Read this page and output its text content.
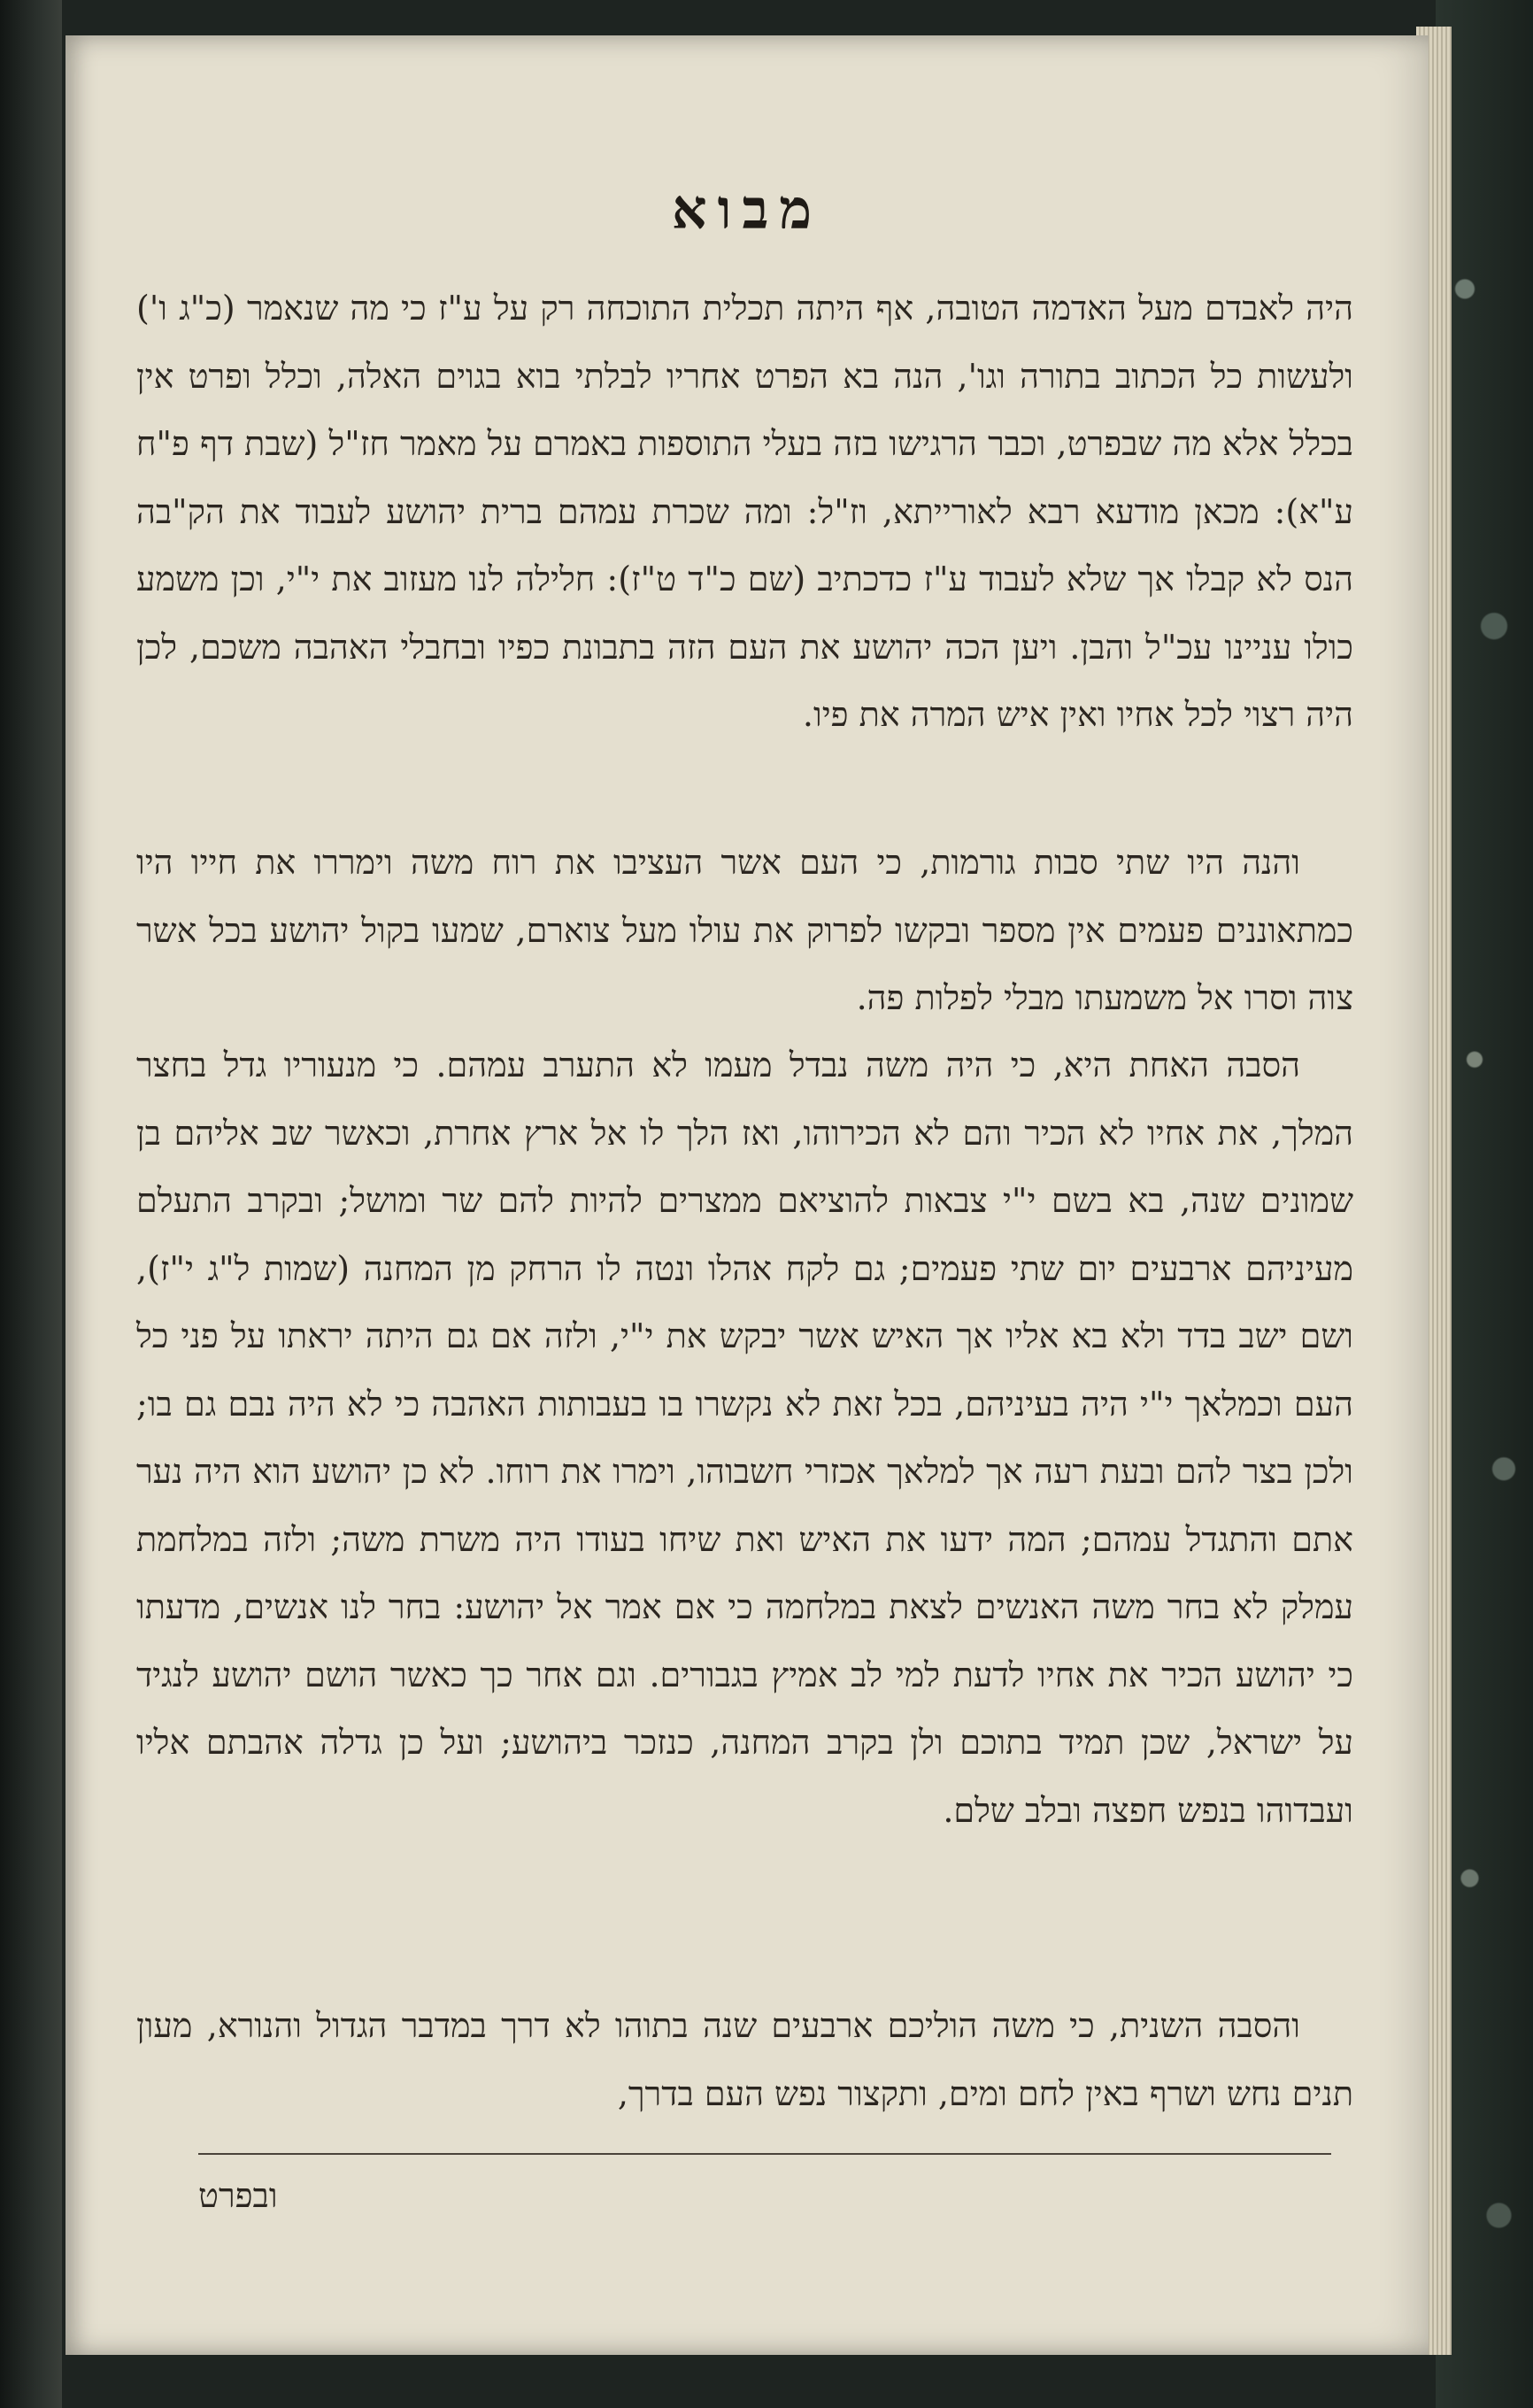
מבוא
היה לאבדם מעל האדמה הטובה, אף היתה תכלית התוכחה רק על ע"ז כי מה שנאמר (כ"ג ו') ולעשות כל הכתוב בתורה וגו', הנה בא הפרט אחריו לבלתי בוא בגוים האלה, וכלל ופרט אין בכלל אלא מה שבפרט, וכבר הרגישו בזה בעלי התוספות באמרם על מאמר חז"ל (שבת דף פ"ח ע"א): מכאן מודעא רבא לאורייתא, וז"ל: ומה שכרת עמהם ברית יהושע לעבוד את הק"בה הנס לא קבלו אך שלא לעבוד ע"ז כדכתיב (שם כ"ד ט"ז): חלילה לנו מעזוב את י"י, וכן משמע כולו עניינו עכ"ל והבן. ויען הכה יהושע את העם הזה בתבונת כפיו ובחבלי האהבה משכם, לכן היה רצוי לכל אחיו ואין איש המרה את פיו.
והנה היו שתי סבות גורמות, כי העם אשר העציבו את רוח משה וימררו את חייו היו כמתאוננים פעמים אין מספר ובקשו לפרוק את עולו מעל צוארם, שמעו בקול יהושע בכל אשר צוה וסרו אל משמעתו מבלי לפלות פה.
הסבה האחת היא, כי היה משה נבדל מעמו לא התערב עמהם. כי מנעוריו גדל בחצר המלך, את אחיו לא הכיר והם לא הכירוהו, ואז הלך לו אל ארץ אחרת, וכאשר שב אליהם בן שמונים שנה, בא בשם י"י צבאות להוציאם ממצרים להיות להם שר ומושל; ובקרב התעלם מעיניהם ארבעים יום שתי פעמים; גם לקח אהלו ונטה לו הרחק מן המחנה (שמות ל"ג י"ז), ושם ישב בדד ולא בא אליו אך האיש אשר יבקש את י"י, ולזה אם גם היתה יראתו על פני כל העם וכמלאך י"י היה בעיניהם, בכל זאת לא נקשרו בו בעבותות האהבה כי לא היה נבם גם בו; ולכן בצר להם ובעת רעה אך למלאך אכזרי חשבוהו, וימרו את רוחו. לא כן יהושע הוא היה נער אתם והתגדל עמהם; המה ידעו את האיש ואת שיחו בעודו היה משרת משה; ולזה במלחמת עמלק לא בחר משה האנשים לצאת במלחמה כי אם אמר אל יהושע: בחר לנו אנשים, מדעתו כי יהושע הכיר את אחיו לדעת למי לב אמיץ בגבורים. וגם אחר כך כאשר הושם יהושע לנגיד על ישראל, שכן תמיד בתוכם ולן בקרב המחנה, כנזכר ביהושע; ועל כן גדלה אהבתם אליו ועבדוהו בנפש חפצה ובלב שלם.
והסבה השנית, כי משה הוליכם ארבעים שנה בתוהו לא דרך במדבר הגדול והנורא, מעון תנים נחש ושרף באין לחם ומים, ותקצור נפש העם בדרך,
ובפרט
